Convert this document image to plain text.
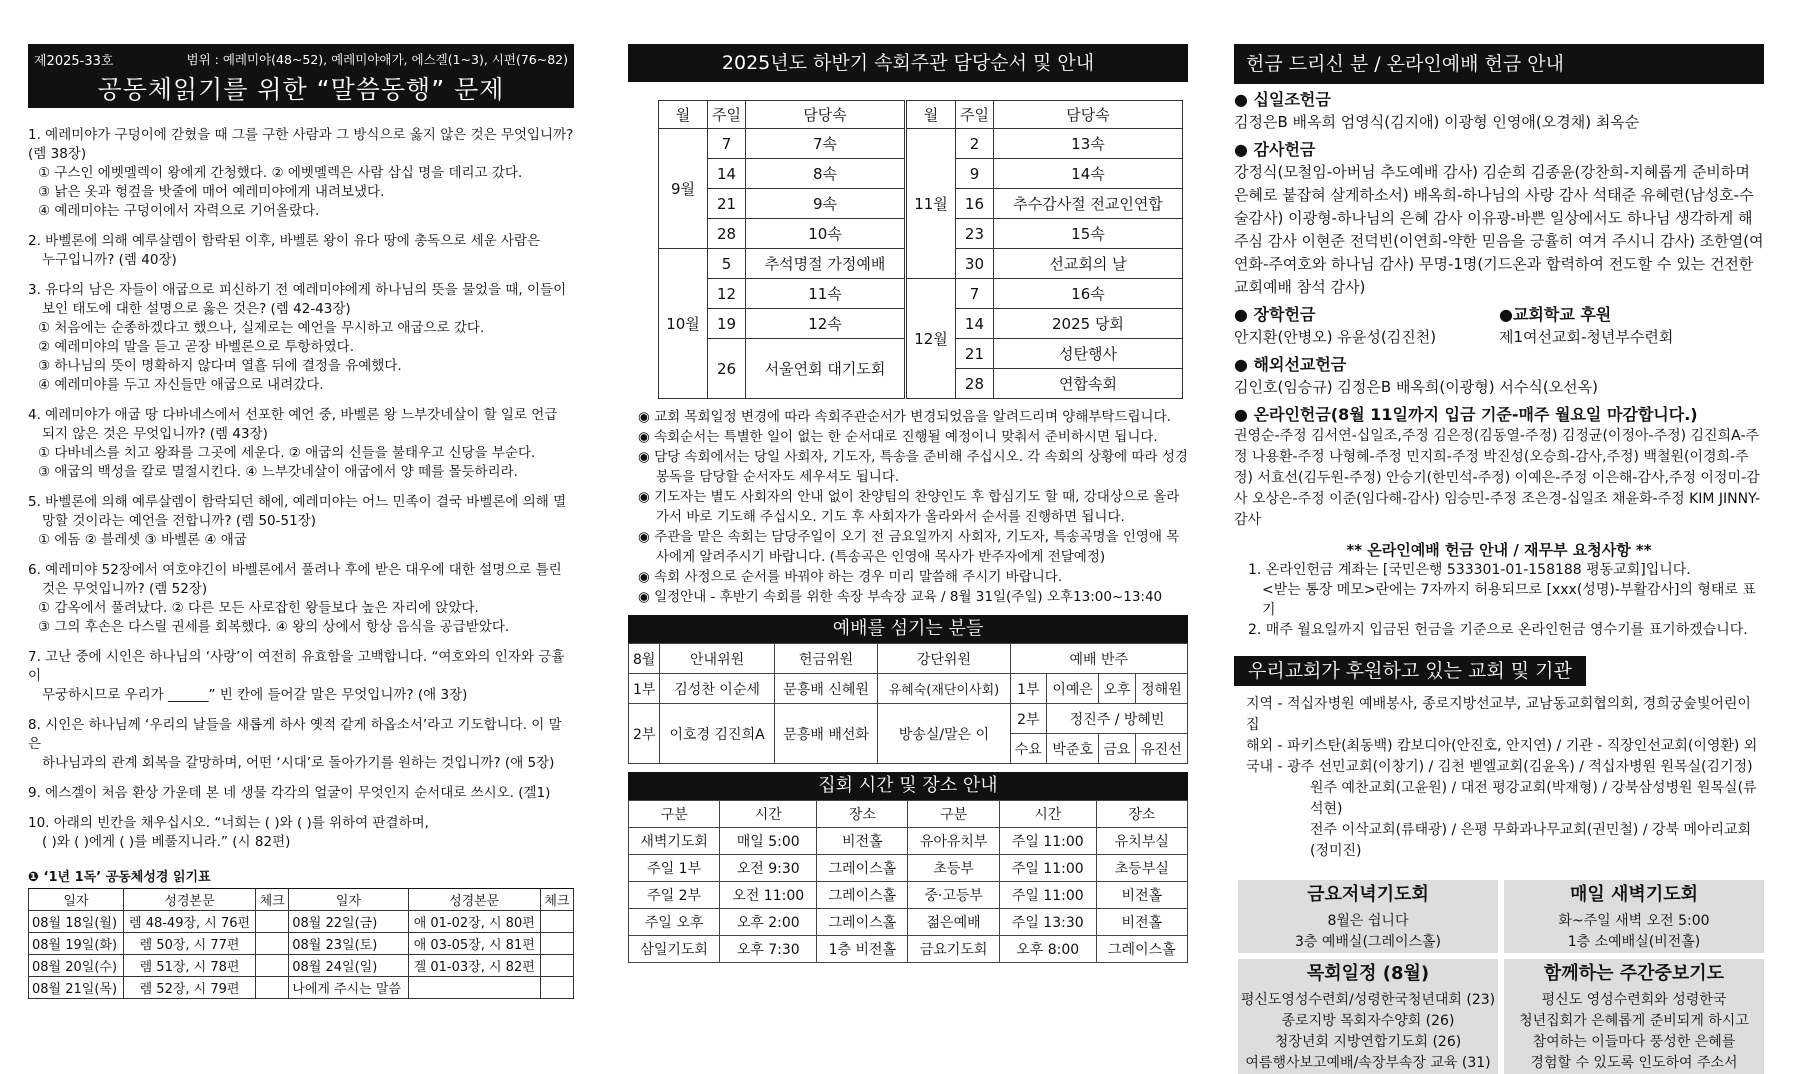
제2025-33호	범위 : 예레미야(48~52), 예레미야애가, 에스겔(1~3), 시편(76~82)
공동체읽기를 위한 “말씀동행” 문제
1. 예레미야가 구덩이에 갇혔을 때 그를 구한 사람과 그 방식으로 옳지 않은 것은 무엇입니까? (렘 38장)
① 구스인 에벳멜렉이 왕에게 간청했다. ② 에벳멜렉은 사람 삼십 명을 데리고 갔다.
③ 낡은 옷과 헝겊을 밧줄에 매어 예레미야에게 내려보냈다.
④ 예레미야는 구덩이에서 자력으로 기어올랐다.
2. 바벨론에 의해 예루살렘이 함락된 이후, 바벨론 왕이 유다 땅에 총독으로 세운 사람은
누구입니까? (렘 40장)
3. 유다의 남은 자들이 애굽으로 피신하기 전 예레미야에게 하나님의 뜻을 물었을 때, 이들이
보인 태도에 대한 설명으로 옳은 것은? (렘 42-43장)
① 처음에는 순종하겠다고 했으나, 실제로는 예언을 무시하고 애굽으로 갔다.
② 예레미야의 말을 듣고 곧장 바벨론으로 투항하였다.
③ 하나님의 뜻이 명확하지 않다며 열흘 뒤에 결정을 유예했다.
④ 예레미야를 두고 자신들만 애굽으로 내려갔다.
4. 예레미야가 애굽 땅 다바네스에서 선포한 예언 중, 바벨론 왕 느부갓네살이 할 일로 언급
되지 않은 것은 무엇입니까? (렘 43장)
① 다바네스를 치고 왕좌를 그곳에 세운다. ② 애굽의 신들을 불태우고 신당을 부순다.
③ 애굽의 백성을 칼로 멸절시킨다. ④ 느부갓네살이 애굽에서 양 떼를 몰듯하리라.
5. 바벨론에 의해 예루살렘이 함락되던 해에, 예레미야는 어느 민족이 결국 바벨론에 의해 멸
망할 것이라는 예언을 전합니까? (렘 50-51장)
① 에돔 ② 블레셋 ③ 바벨론 ④ 애굽
6. 예레미야 52장에서 여호야긴이 바벨론에서 풀려나 후에 받은 대우에 대한 설명으로 틀린
것은 무엇입니까? (렘 52장)
① 감옥에서 풀려났다. ② 다른 모든 사로잡힌 왕들보다 높은 자리에 앉았다.
③ 그의 후손은 다스릴 권세를 회복했다. ④ 왕의 상에서 항상 음식을 공급받았다.
7. 고난 중에 시인은 하나님의 ‘사랑’이 여전히 유효함을 고백합니다. “여호와의 인자와 긍휼이
무궁하시므로 우리가 ______” 빈 칸에 들어갈 말은 무엇입니까? (애 3장)
8. 시인은 하나님께 ‘우리의 날들을 새롭게 하사 옛적 같게 하옵소서’라고 기도합니다. 이 말은
하나님과의 관계 회복을 갈망하며, 어떤 ‘시대’로 돌아가기를 원하는 것입니까? (애 5장)
9. 에스겔이 처음 환상 가운데 본 네 생물 각각의 얼굴이 무엇인지 순서대로 쓰시오. (겔1)
10. 아래의 빈칸을 채우십시오. “너희는 ( )와 ( )를 위하여 판결하며,
( )와 ( )에게 ( )를 베풀지니라.” (시 82편)
❶ ‘1년 1독’ 공동체성경 읽기표
일자	성경본문	체크	일자	성경본문	체크
08월 18일(월)	렘 48-49장, 시 76편		08월 22일(금)	애 01-02장, 시 80편	
08월 19일(화)	렘 50장, 시 77편		08월 23일(토)	애 03-05장, 시 81편	
08월 20일(수)	렘 51장, 시 78편		08월 24일(일)	겔 01-03장, 시 82편	
08월 21일(목)	렘 52장, 시 79편		나에게 주시는 말씀		
2025년도 하반기 속회주관 담당순서 및 안내
월	주일	담당속	월	주일	담당속
9월	7	7속	11월	2	13속
	14	8속		9	14속
	21	9속		16	추수감사절 전교인연합
	28	10속		23	15속
10월	5	추석명절 가정예배		30	선교회의 날
	12	11속	12월	7	16속
	19	12속		14	2025 당회
	26	서울연회 대기도회		21	성탄행사
				28	연합속회
◉ 교회 목회일정 변경에 따라 속회주관순서가 변경되었음을 알려드리며 양해부탁드립니다.
◉ 속회순서는 특별한 일이 없는 한 순서대로 진행될 예정이니 맞춰서 준비하시면 됩니다.
◉ 담당 속회에서는 당일 사회자, 기도자, 특송을 준비해 주십시오. 각 속회의 상황에 따라 성경봉독을 담당할 순서자도 세우셔도 됩니다.
◉ 기도자는 별도 사회자의 안내 없이 찬양팀의 찬양인도 후 합심기도 할 때, 강대상으로 올라가서 바로 기도해 주십시오. 기도 후 사회자가 올라와서 순서를 진행하면 됩니다.
◉ 주관을 맡은 속회는 담당주일이 오기 전 금요일까지 사회자, 기도자, 특송곡명을 인영애 목사에게 알려주시기 바랍니다. (특송곡은 인영애 목사가 반주자에게 전달예정)
◉ 속회 사정으로 순서를 바꿔야 하는 경우 미리 말씀해 주시기 바랍니다.
◉ 일정안내 - 후반기 속회를 위한 속장 부속장 교육 / 8월 31일(주일) 오후13:00~13:40
예배를 섬기는 분들
8월	안내위원	헌금위원	강단위원	예배 반주			
1부	김성찬 이순세	문흥배 신혜원	유혜숙(재단이사회)	1부	이예은	오후	정해원
				2부	정진주 / 방혜빈		
2부	이호경 김진희A	문흥배 배선화	방송실/말은 이				
				수요	박준호	금요	유진선
집회 시간 및 장소 안내
구분	시간	장소	구분	시간	장소
새벽기도회	매일 5:00	비전홀	유아유치부	주일 11:00	유치부실
주일 1부	오전 9:30	그레이스홀	초등부	주일 11:00	초등부실
주일 2부	오전 11:00	그레이스홀	중·고등부	주일 11:00	비전홀
주일 오후	오후 2:00	그레이스홀	젊은예배	주일 13:30	비전홀
삼일기도회	오후 7:30	1층 비전홀	금요기도회	오후 8:00	그레이스홀
헌금 드리신 분 / 온라인예배 헌금 안내
● 십일조헌금
김정은B 배옥희 엄영식(김지애) 이광형 인영애(오경채) 최옥순
● 감사헌금
강정식(모철임-아버님 추도예배 감사) 김순희 김종윤(강찬희-지혜롭게 준비하며 은혜로 붙잡혀 살게하소서) 배옥희-하나님의 사랑 감사 석태준 유혜련(남성호-수술감사) 이광형-하나님의 은혜 감사 이유광-바쁜 일상에서도 하나님 생각하게 해주심 감사 이현준 전덕빈(이연희-약한 믿음을 긍휼히 여겨 주시니 감사) 조한열(여연화-주여호와 하나님 감사) 무명-1명(기드온과 합력하여 전도할 수 있는 건전한 교회예배 참석 감사)
● 장학헌금
안지환(안병오) 유윤성(김진천)
●교회학교 후원
제1여선교회-청년부수련회
● 해외선교헌금
김인호(임승규) 김정은B 배옥희(이광형) 서수식(오선옥)
● 온라인헌금(8월 11일까지 입금 기준-매주 월요일 마감합니다.)
권영순-주정 김서연-십일조,주정 김은정(김동열-주정) 김정균(이정아-주정) 김진희A-주정 나용환-주정 나형혜-주정 민지희-주정 박진성(오승희-감사,주정) 백철원(이경희-주정) 서효선(김두원-주정) 안승기(한민석-주정) 이예은-주정 이은해-감사,주정 이정미-감사 오상은-주정 이준(임다해-감사) 임승민-주정 조은경-십일조 채윤화-주정 KIM JINNY-감사
** 온라인예배 헌금 안내 / 재무부 요청사항 **
1. 온라인헌금 계좌는 [국민은행 533301-01-158188 평동교회]입니다.
<받는 통장 메모>란에는 7자까지 허용되므로 [xxx(성명)-부활감사]의 형태로 표기
2. 매주 월요일까지 입금된 헌금을 기준으로 온라인헌금 영수기를 표기하겠습니다.
우리교회가 후원하고 있는 교회 및 기관
지역 - 적십자병원 예배봉사, 종로지방선교부, 교남동교회협의회, 경희궁숲빛어린이집
해외 - 파키스탄(최동백) 캄보디아(안진호, 안지연) / 기관 - 직장인선교회(이영환) 외
국내 - 광주 선민교회(이창기) / 김천 벧엘교회(김윤옥) / 적십자병원 원목실(김기정)
원주 예찬교회(고윤원) / 대전 평강교회(박재형) / 강북삼성병원 원목실(류석현)
전주 이삭교회(류태광) / 은평 무화과나무교회(권민철) / 강북 메아리교회(정미진)
금요저녁기도회
8월은 쉽니다
3층 예배실(그레이스홀)
매일 새벽기도회
화~주일 새벽 오전 5:00
1층 소예배실(비전홀)
목회일정 (8월)
평신도영성수련회/성령한국청년대회 (23)
종로지방 목회자수양회 (26)
청장년회 지방연합기도회 (26)
여름행사보고예배/속장부속장 교육 (31)
함께하는 주간중보기도
평신도 영성수련회와 성령한국
청년집회가 은혜롭게 준비되게 하시고
참여하는 이들마다 풍성한 은혜를
경험할 수 있도록 인도하여 주소서
